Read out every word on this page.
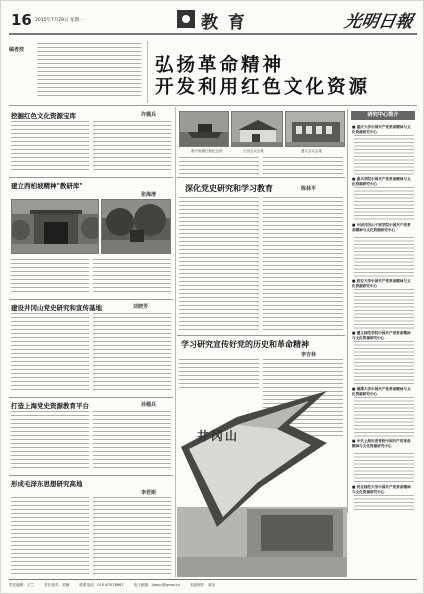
16 2015年7月29日 星期一	教 育	光明日報
编者按
弘扬革命精神
开发利用红色文化资源
挖掘红色文化资源宝库	许德兵
建立西柏坡精神"教研库"
张海清
建设井冈山党史研究和宣传基地	刘晓芳
打造上海党史资源教育平台	孙德兵
形成毛泽东思想研究高地
李若斯
嘉兴南湖红船纪念馆	古田会议会址	遵义会议会址
深化党史研究和学习教育	陈林平
学习研究宣传好党的历史和革命精神
李吉林
井冈山
研究中心简介
■ 重庆大学中国共产党革命精神与文化资源研究中心
■ 嘉兴学院中国共产党革命精神与文化资源研究中心
■ 中国井冈山干部学院中国共产党革命精神与文化资源研究中心
■ 延安大学中国共产党革命精神与文化资源研究中心
■ 遵义师范学院中国共产党革命精神与文化资源研究中心
■ 湘潭大学中国共产党革命精神与文化资源研究中心
■ 中共上海市委党校中国共产党革命精神与文化资源研究中心
■ 河北师范大学中国共产党革命精神与文化资源研究中心
责任编辑：王兰	责任校对：刘楠	联系电话：010-67078867	电子邮箱：jiaoyu@gmw.cn	本版制作：周莹
